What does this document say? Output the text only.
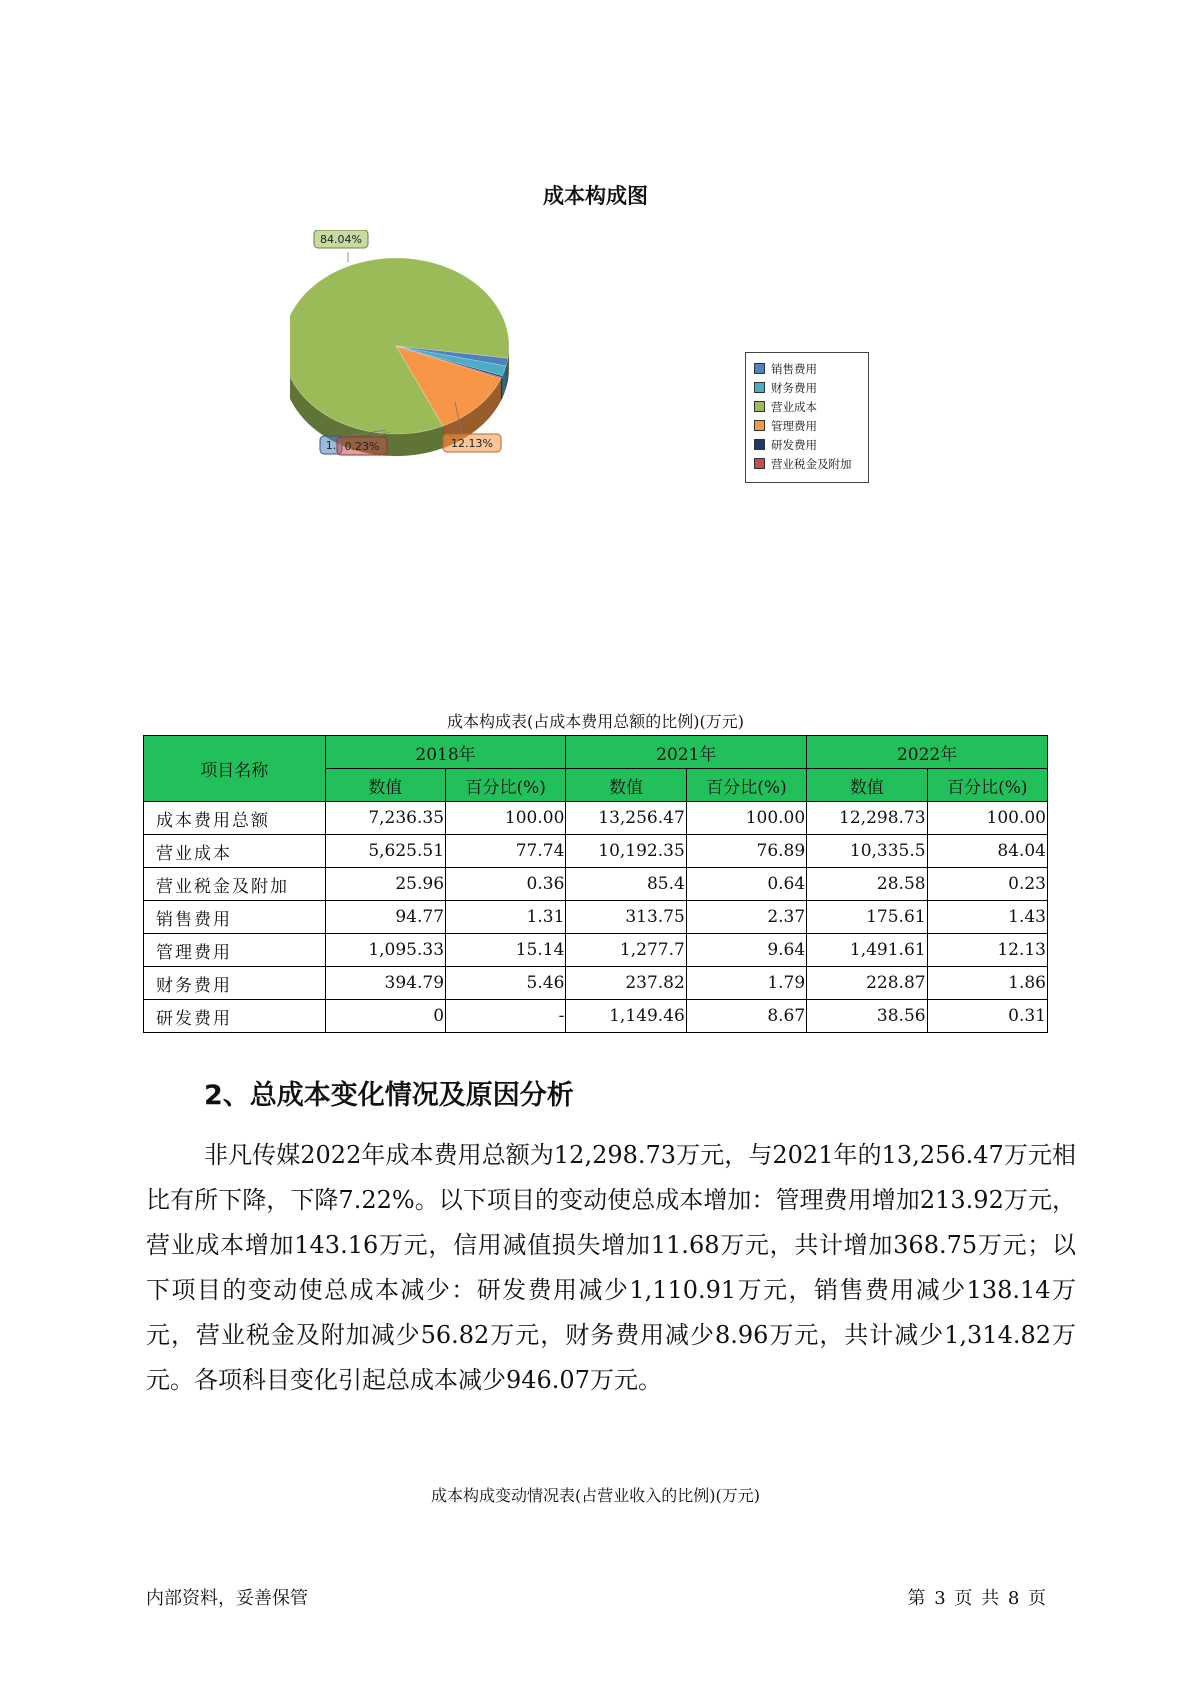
成本构成图
1.
84.04%
12.13%
0.23%
销售费用
财务费用
营业成本
管理费用
研发费用
营业税金及附加
成本构成表(占成本费用总额的比例)(万元)
项目名称	2018年		2021年		2022年	
	数值	百分比(%)	数值	百分比(%)	数值	百分比(%)
成本费用总额	7,236.35	100.00	13,256.47	100.00	12,298.73	100.00
营业成本	5,625.51	77.74	10,192.35	76.89	10,335.5	84.04
营业税金及附加	25.96	0.36	85.4	0.64	28.58	0.23
销售费用	94.77	1.31	313.75	2.37	175.61	1.43
管理费用	1,095.33	15.14	1,277.7	9.64	1,491.61	12.13
财务费用	394.79	5.46	237.82	1.79	228.87	1.86
研发费用	0	-	1,149.46	8.67	38.56	0.31
2、总成本变化情况及原因分析
非凡传媒2022年成本费用总额为12,298.73万元，与2021年的13,256.47万元相比有所下降，下降7.22%。以下项目的变动使总成本增加：管理费用增加213.92万元，营业成本增加143.16万元，信用减值损失增加11.68万元，共计增加368.75万元；以下项目的变动使总成本减少：研发费用减少1,110.91万元，销售费用减少138.14万元，营业税金及附加减少56.82万元，财务费用减少8.96万元，共计减少1,314.82万元。各项科目变化引起总成本减少946.07万元。
成本构成变动情况表(占营业收入的比例)(万元)
内部资料，妥善保管	第 3 页 共 8 页
